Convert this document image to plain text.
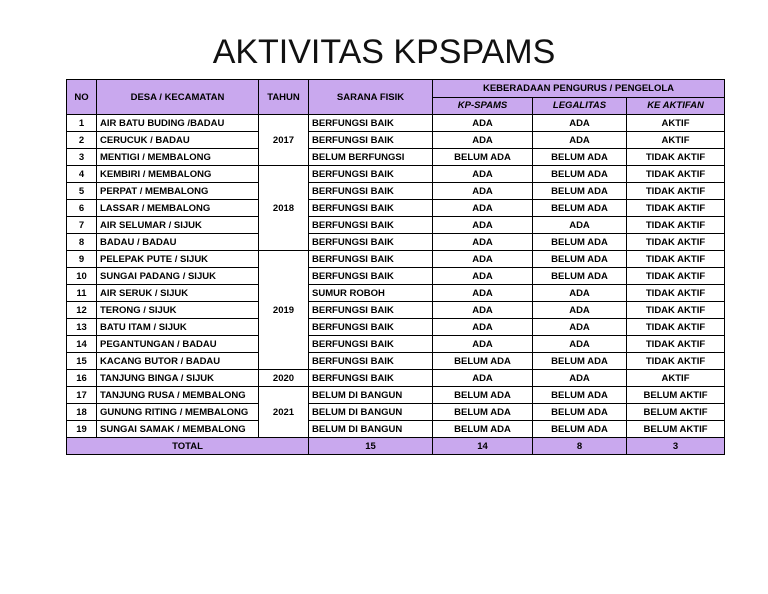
AKTIVITAS KPSPAMS
NO	DESA / KECAMATAN	TAHUN	SARANA FISIK	KEBERADAAN PENGURUS / PENGELOLA		
				KP-SPAMS	LEGALITAS	KE AKTIFAN
1	AIR BATU BUDING /BADAU	2017	BERFUNGSI BAIK	ADA	ADA	AKTIF
2	CERUCUK / BADAU		BERFUNGSI BAIK	ADA	ADA	AKTIF
3	MENTIGI / MEMBALONG		BELUM BERFUNGSI	BELUM ADA	BELUM ADA	TIDAK AKTIF
4	KEMBIRI / MEMBALONG	2018	BERFUNGSI BAIK	ADA	BELUM ADA	TIDAK AKTIF
5	PERPAT / MEMBALONG		BERFUNGSI BAIK	ADA	BELUM ADA	TIDAK AKTIF
6	LASSAR / MEMBALONG		BERFUNGSI BAIK	ADA	BELUM ADA	TIDAK AKTIF
7	AIR SELUMAR / SIJUK		BERFUNGSI BAIK	ADA	ADA	TIDAK AKTIF
8	BADAU / BADAU		BERFUNGSI BAIK	ADA	BELUM ADA	TIDAK AKTIF
9	PELEPAK PUTE / SIJUK	2019	BERFUNGSI BAIK	ADA	BELUM ADA	TIDAK AKTIF
10	SUNGAI PADANG / SIJUK		BERFUNGSI BAIK	ADA	BELUM ADA	TIDAK AKTIF
11	AIR SERUK / SIJUK		SUMUR ROBOH	ADA	ADA	TIDAK AKTIF
12	TERONG / SIJUK		BERFUNGSI BAIK	ADA	ADA	TIDAK AKTIF
13	BATU ITAM / SIJUK		BERFUNGSI BAIK	ADA	ADA	TIDAK AKTIF
14	PEGANTUNGAN / BADAU		BERFUNGSI BAIK	ADA	ADA	TIDAK AKTIF
15	KACANG BUTOR / BADAU		BERFUNGSI BAIK	BELUM ADA	BELUM ADA	TIDAK AKTIF
16	TANJUNG BINGA / SIJUK	2020	BERFUNGSI BAIK	ADA	ADA	AKTIF
17	TANJUNG RUSA / MEMBALONG	2021	BELUM DI BANGUN	BELUM ADA	BELUM ADA	BELUM AKTIF
18	GUNUNG RITING / MEMBALONG		BELUM DI BANGUN	BELUM ADA	BELUM ADA	BELUM AKTIF
19	SUNGAI SAMAK / MEMBALONG		BELUM DI BANGUN	BELUM ADA	BELUM ADA	BELUM AKTIF
TOTAL			15	14	8	3
